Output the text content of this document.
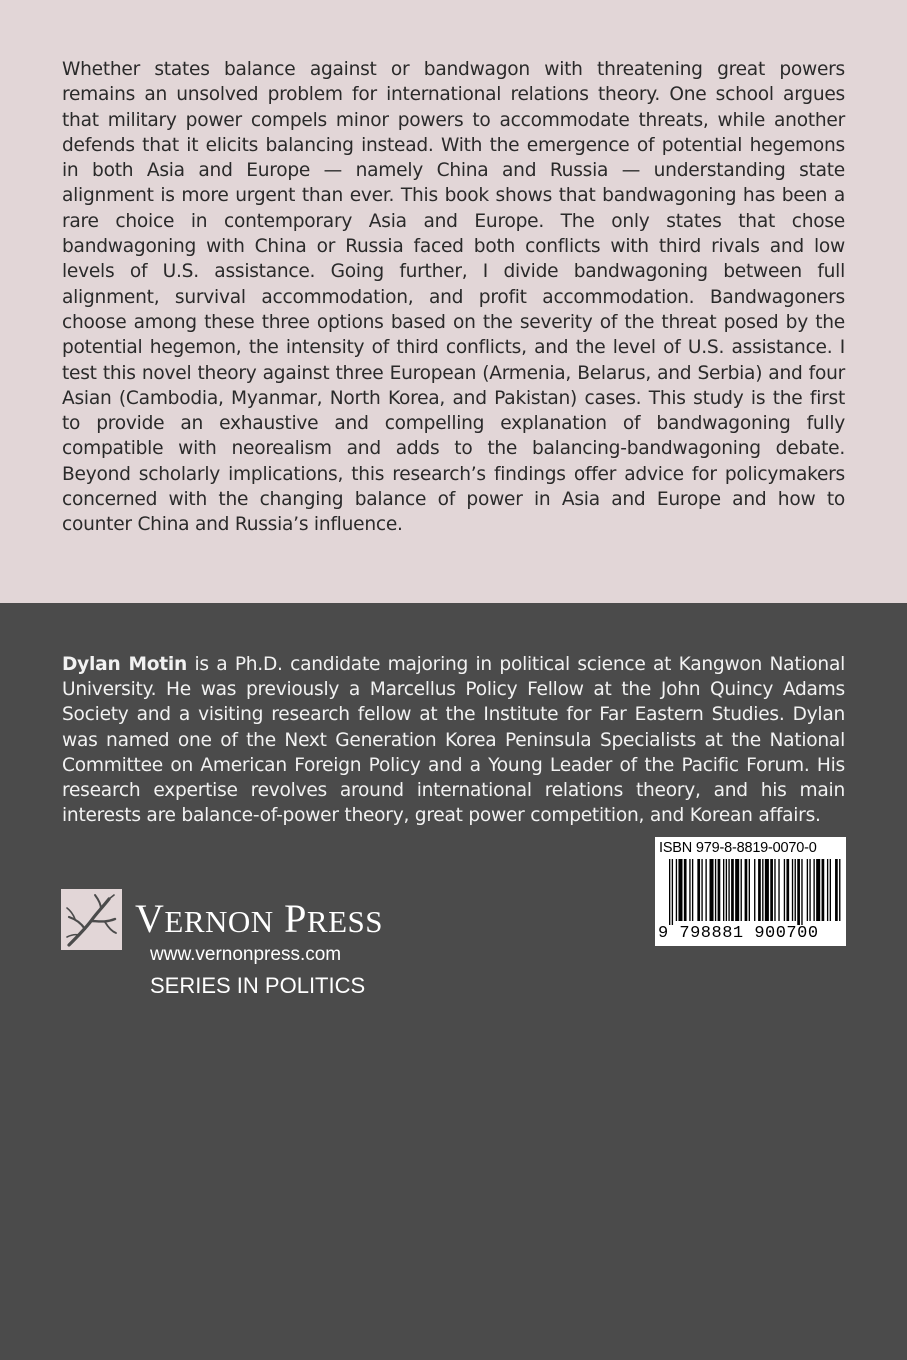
Whether states balance against or bandwagon with threatening great powers remains an unsolved problem for international relations theory. One school argues that military power compels minor powers to accommodate threats, while another defends that it elicits balancing instead. With the emergence of potential hegemons in both Asia and Europe — namely China and Russia — understanding state alignment is more urgent than ever. This book shows that bandwagoning has been a rare choice in contemporary Asia and Europe. The only states that chose bandwagoning with China or Russia faced both conflicts with third rivals and low levels of U.S. assistance. Going further, I divide bandwagoning between full alignment, survival accommodation, and profit accommodation. Bandwagoners choose among these three options based on the severity of the threat posed by the potential hegemon, the intensity of third conflicts, and the level of U.S. assistance. I test this novel theory against three European (Armenia, Belarus, and Serbia) and four Asian (Cambodia, Myanmar, North Korea, and Pakistan) cases. This study is the first to provide an exhaustive and compelling explanation of bandwagoning fully compatible with neorealism and adds to the balancing-bandwagoning debate. Beyond scholarly implications, this research’s findings offer advice for policymakers concerned with the changing balance of power in Asia and Europe and how to counter China and Russia’s influence.

Dylan Motin is a Ph.D. candidate majoring in political science at Kangwon National University. He was previously a Marcellus Policy Fellow at the John Quincy Adams Society and a visiting research fellow at the Institute for Far Eastern Studies. Dylan was named one of the Next Generation Korea Peninsula Specialists at the National Committee on American Foreign Policy and a Young Leader of the Pacific Forum. His research expertise revolves around international relations theory, and his main interests are balance-of-power theory, great power competition, and Korean affairs.

VERNON PRESS
www.vernonpress.com
SERIES IN POLITICS
ISBN 979-8-8819-0070-0
9 798881 900700
